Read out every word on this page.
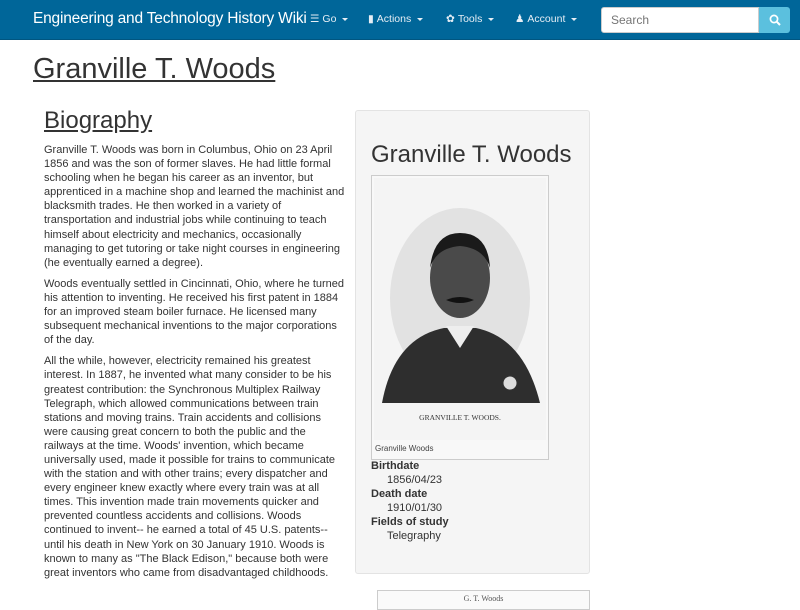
Engineering and Technology History Wiki ☰ Go	▮ Actions	✿ Tools	♟ Account
Search
Granville T. Woods
Biography

Granville T. Woods was born in Columbus, Ohio on 23 April 1856 and was the son of former slaves. He had little formal schooling when he began his career as an inventor, but apprenticed in a machine shop and learned the machinist and blacksmith trades. He then worked in a variety of transportation and industrial jobs while continuing to teach himself about electricity and mechanics, occasionally managing to get tutoring or take night courses in engineering (he eventually earned a degree).

Woods eventually settled in Cincinnati, Ohio, where he turned his attention to inventing. He received his first patent in 1884 for an improved steam boiler furnace. He licensed many subsequent mechanical inventions to the major corporations of the day.

All the while, however, electricity remained his greatest interest. In 1887, he invented what many consider to be his greatest contribution: the Synchronous Multiplex Railway Telegraph, which allowed communications between train stations and moving trains. Train accidents and collisions were causing great concern to both the public and the railways at the time. Woods' invention, which became universally used, made it possible for trains to communicate with the station and with other trains; every dispatcher and every engineer knew exactly where every train was at all times. This invention made train movements quicker and prevented countless accidents and collisions. Woods continued to invent-- he earned a total of 45 U.S. patents-- until his death in New York on 30 January 1910. Woods is known to many as "The Black Edison," because both were great inventors who came from disadvantaged childhoods.

Granville T. Woods
GRANVILLE T. WOODS.
Granville Woods
Birthdate
1856/04/23
Death date
1910/01/30
Fields of study
Telegraphy
G. T. Woods
